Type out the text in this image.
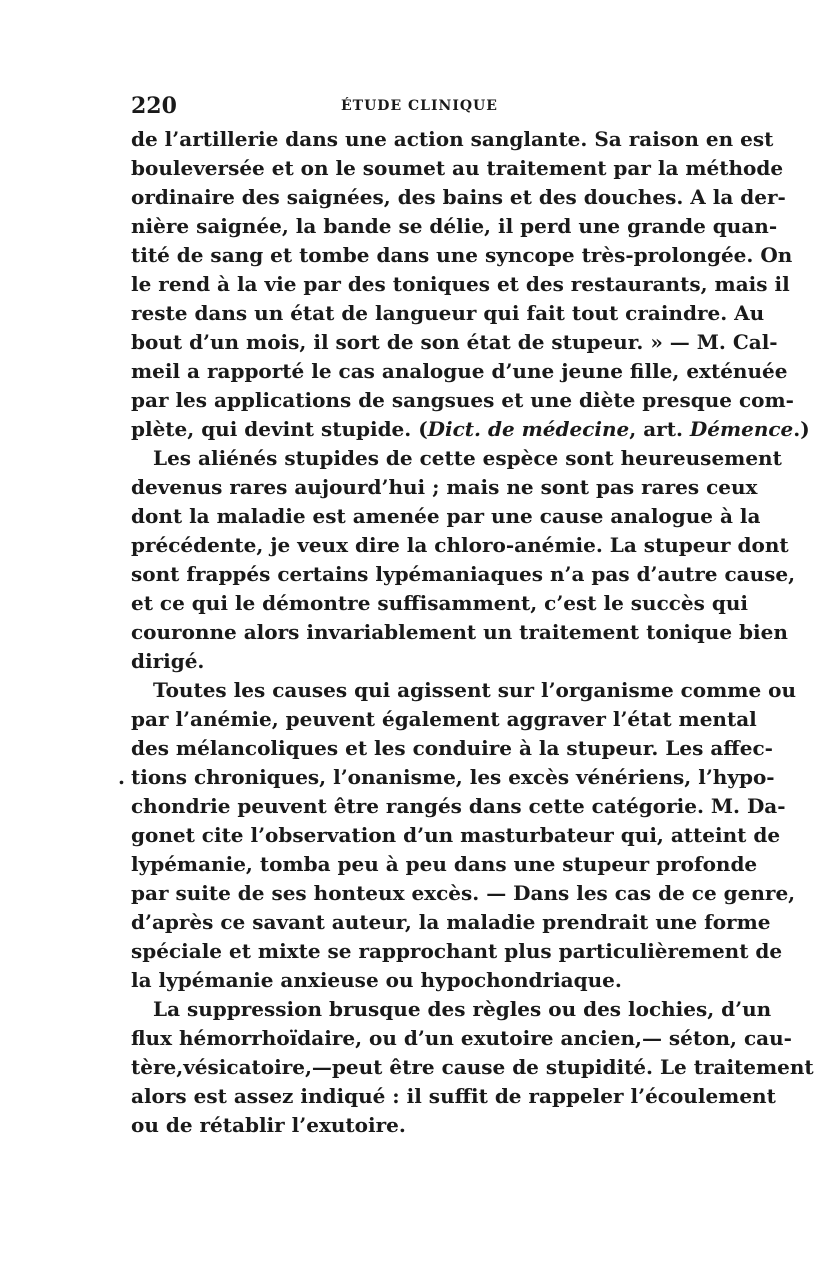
220	ÉTUDE CLINIQUE
de l’artillerie dans une action sanglante. Sa raison en est
bouleversée et on le soumet au traitement par la méthode
ordinaire des saignées, des bains et des douches. A la der-
nière saignée, la bande se délie, il perd une grande quan-
tité de sang et tombe dans une syncope très-prolongée. On
le rend à la vie par des toniques et des restaurants, mais il
reste dans un état de langueur qui fait tout craindre. Au
bout d’un mois, il sort de son état de stupeur. » — M. Cal-
meil a rapporté le cas analogue d’une jeune fille, exténuée
par les applications de sangsues et une diète presque com-
plète, qui devint stupide. (Dict. de médecine, art. Démence.)
Les aliénés stupides de cette espèce sont heureusement
devenus rares aujourd’hui ; mais ne sont pas rares ceux
dont la maladie est amenée par une cause analogue à la
précédente, je veux dire la chloro-anémie. La stupeur dont
sont frappés certains lypémaniaques n’a pas d’autre cause,
et ce qui le démontre suffisamment, c’est le succès qui
couronne alors invariablement un traitement tonique bien
dirigé.
Toutes les causes qui agissent sur l’organisme comme ou
par l’anémie, peuvent également aggraver l’état mental
des mélancoliques et les conduire à la stupeur. Les affec-
. tions chroniques, l’onanisme, les excès vénériens, l’hypo-
chondrie peuvent être rangés dans cette catégorie. M. Da-
gonet cite l’observation d’un masturbateur qui, atteint de
lypémanie, tomba peu à peu dans une stupeur profonde
par suite de ses honteux excès. — Dans les cas de ce genre,
d’après ce savant auteur, la maladie prendrait une forme
spéciale et mixte se rapprochant plus particulièrement de
la lypémanie anxieuse ou hypochondriaque.
La suppression brusque des règles ou des lochies, d’un
flux hémorrhoïdaire, ou d’un exutoire ancien,— séton, cau-
tère,vésicatoire,—peut être cause de stupidité. Le traitement
alors est assez indiqué : il suffit de rappeler l’écoulement
ou de rétablir l’exutoire.
